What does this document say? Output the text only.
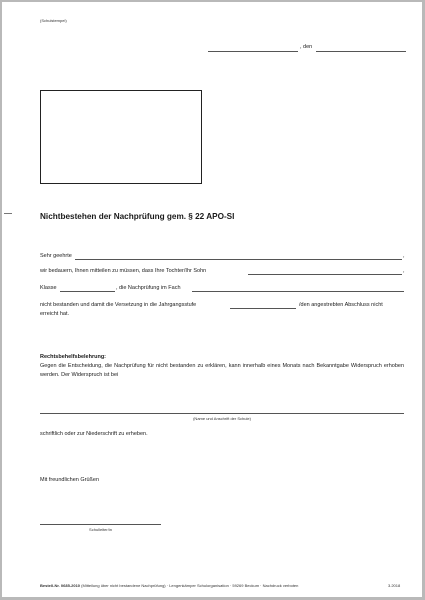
(Schulstempel)
, den
Nichtbestehen der Nachprüfung gem. § 22 APO-SI
Sehr geehrte	,
wir bedauern, Ihnen mitteilen zu müssen, dass Ihre Tochter/Ihr Sohn	,
Klasse	, die Nachprüfung im Fach
nicht bestanden und damit die Versetzung in die Jahrgangsstufe	/den angestrebten Abschluss nicht
erreicht hat.
Rechtsbehelfsbelehrung:
Gegen die Entscheidung, die Nachprüfung für nicht bestanden zu erklären, kann innerhalb eines Monats nach Bekanntgabe Widerspruch erhoben werden. Der Widerspruch ist bei
(Name und Anschrift der Schule)
schriftlich oder zur Niederschrift zu erheben.
Mit freundlichen Grüßen
Schulleiter/in
Bestell-Nr. 0685-2010 (Mitteilung über nicht bestandene Nachprüfung) · Lengenkämper Schulorganisation · 59269 Beckum · Nachdruck verboten	3.2018
